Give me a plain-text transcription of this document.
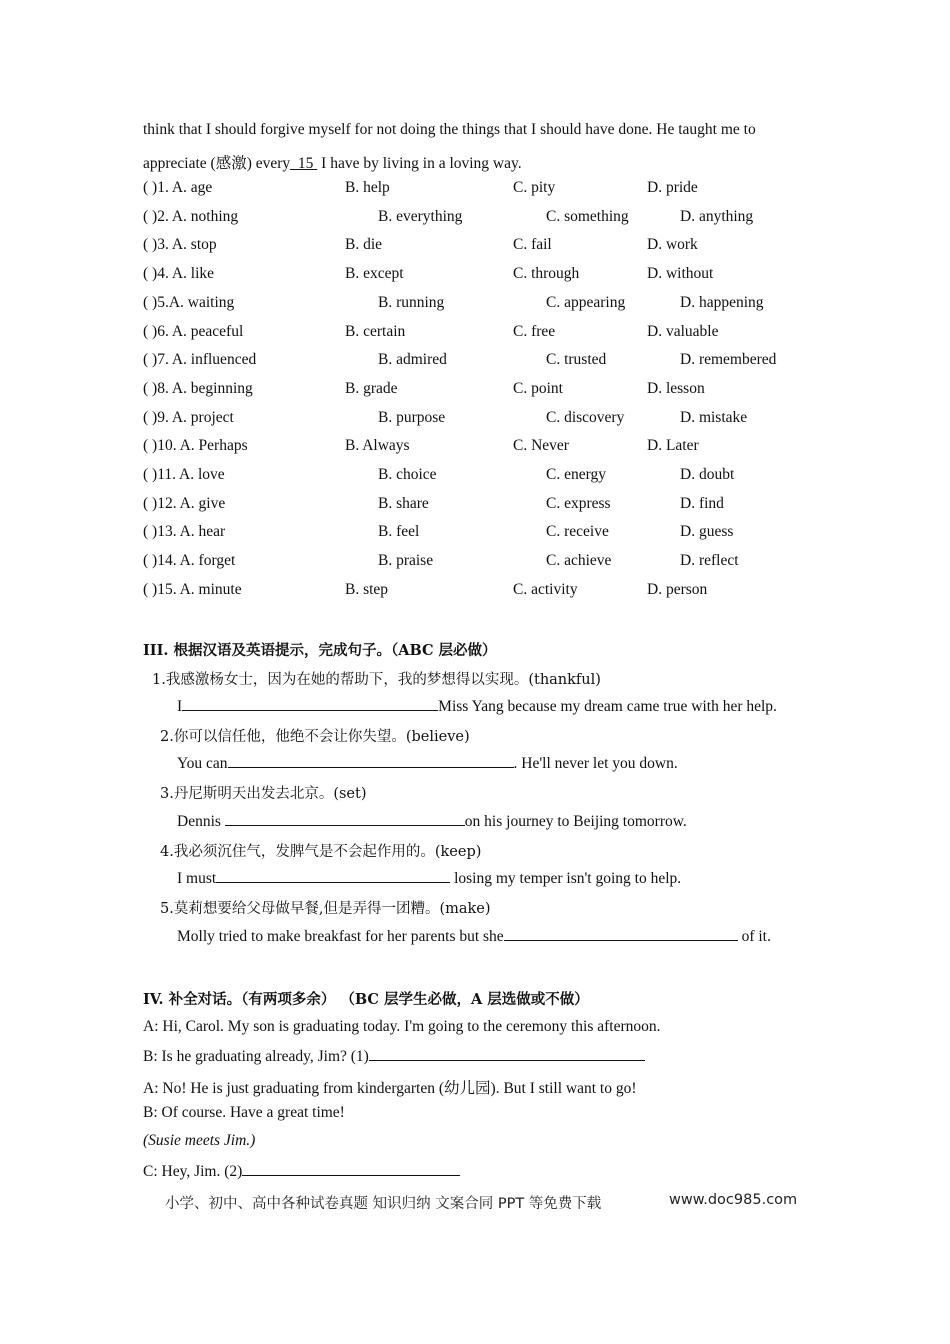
think that I should forgive myself for not doing the things that I should have done. He taught me to
appreciate (感激) every 15 I have by living in a loving way.
( )1. A. age	B. help	C. pity	D. pride
( )2. A. nothing	B. everything	C. something	D. anything
( )3. A. stop	B. die	C. fail	D. work
( )4. A. like	B. except	C. through	D. without
( )5.A. waiting	B. running	C. appearing	D. happening
( )6. A. peaceful	B. certain	C. free	D. valuable
( )7. A. influenced	B. admired	C. trusted	D. remembered
( )8. A. beginning	B. grade	C. point	D. lesson
( )9. A. project	B. purpose	C. discovery	D. mistake
( )10. A. Perhaps	B. Always	C. Never	D. Later
( )11. A. love	B. choice	C. energy	D. doubt
( )12. A. give	B. share	C. express	D. find
( )13. A. hear	B. feel	C. receive	D. guess
( )14. A. forget	B. praise	C. achieve	D. reflect
( )15. A. minute	B. step	C. activity	D. person
III. 根据汉语及英语提示，完成句子。（ABC 层必做）
1.我感激杨女士，因为在她的帮助下，我的梦想得以实现。(thankful)
I	Miss Yang because my dream came true with her help.
2.你可以信任他，他绝不会让你失望。(believe)
You can	. He'll never let you down.
3.丹尼斯明天出发去北京。(set)
Dennis	on his journey to Beijing tomorrow.
4.我必须沉住气，发脾气是不会起作用的。(keep)
I must	losing my temper isn't going to help.
5.莫莉想要给父母做早餐,但是弄得一团糟。(make)
Molly tried to make breakfast for her parents but she	of it.
IV. 补全对话。（有两项多余） （BC 层学生必做，A 层选做或不做）
A: Hi, Carol. My son is graduating today. I'm going to the ceremony this afternoon.
B: Is he graduating already, Jim? (1)
A: No! He is just graduating from kindergarten (幼儿园). But I still want to go!
B: Of course. Have a great time!
(Susie meets Jim.)
C: Hey, Jim. (2)
小学、初中、高中各种试卷真题 知识归纳 文案合同 PPT 等免费下载	www.doc985.com
